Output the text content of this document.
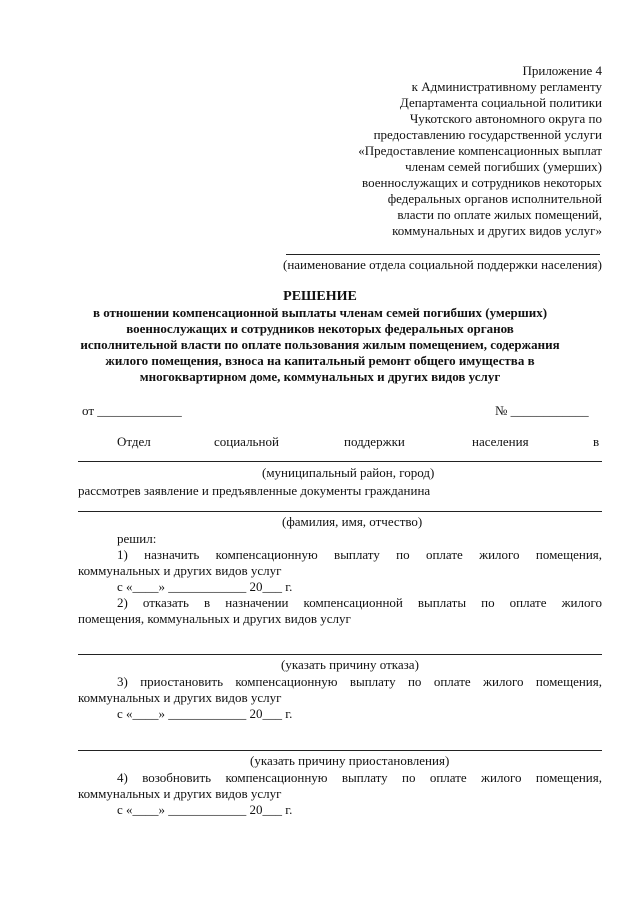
Приложение 4
к Административному регламенту
Департамента социальной политики
Чукотского автономного округа по
предоставлению государственной услуги
«Предоставление компенсационных выплат
членам семей погибших (умерших)
военнослужащих и сотрудников некоторых
федеральных органов исполнительной
власти по оплате жилых помещений,
коммунальных и других видов услуг»
(наименование отдела социальной поддержки населения)
РЕШЕНИЕ
в отношении компенсационной выплаты членам семей погибших (умерших)
военнослужащих и сотрудников некоторых федеральных органов
исполнительной власти по оплате пользования жилым помещением, содержания
жилого помещения, взноса на капитальный ремонт общего имущества в
многоквартирном доме, коммунальных и других видов услуг
от _____________	№ ____________
Отдел	социальной	поддержки	населения	в
(муниципальный район, город)
рассмотрев заявление и предъявленные документы гражданина
(фамилия, имя, отчество)
решил:
1) назначить компенсационную выплату по оплате жилого помещения,
коммунальных и других видов услуг
с «____» ____________ 20___ г.
2) отказать в назначении компенсационной выплаты по оплате жилого
помещения, коммунальных и других видов услуг
(указать причину отказа)
3) приостановить компенсационную выплату по оплате жилого помещения,
коммунальных и других видов услуг
с «____» ____________ 20___ г.
(указать причину приостановления)
4) возобновить компенсационную выплату по оплате жилого помещения,
коммунальных и других видов услуг
с «____» ____________ 20___ г.
